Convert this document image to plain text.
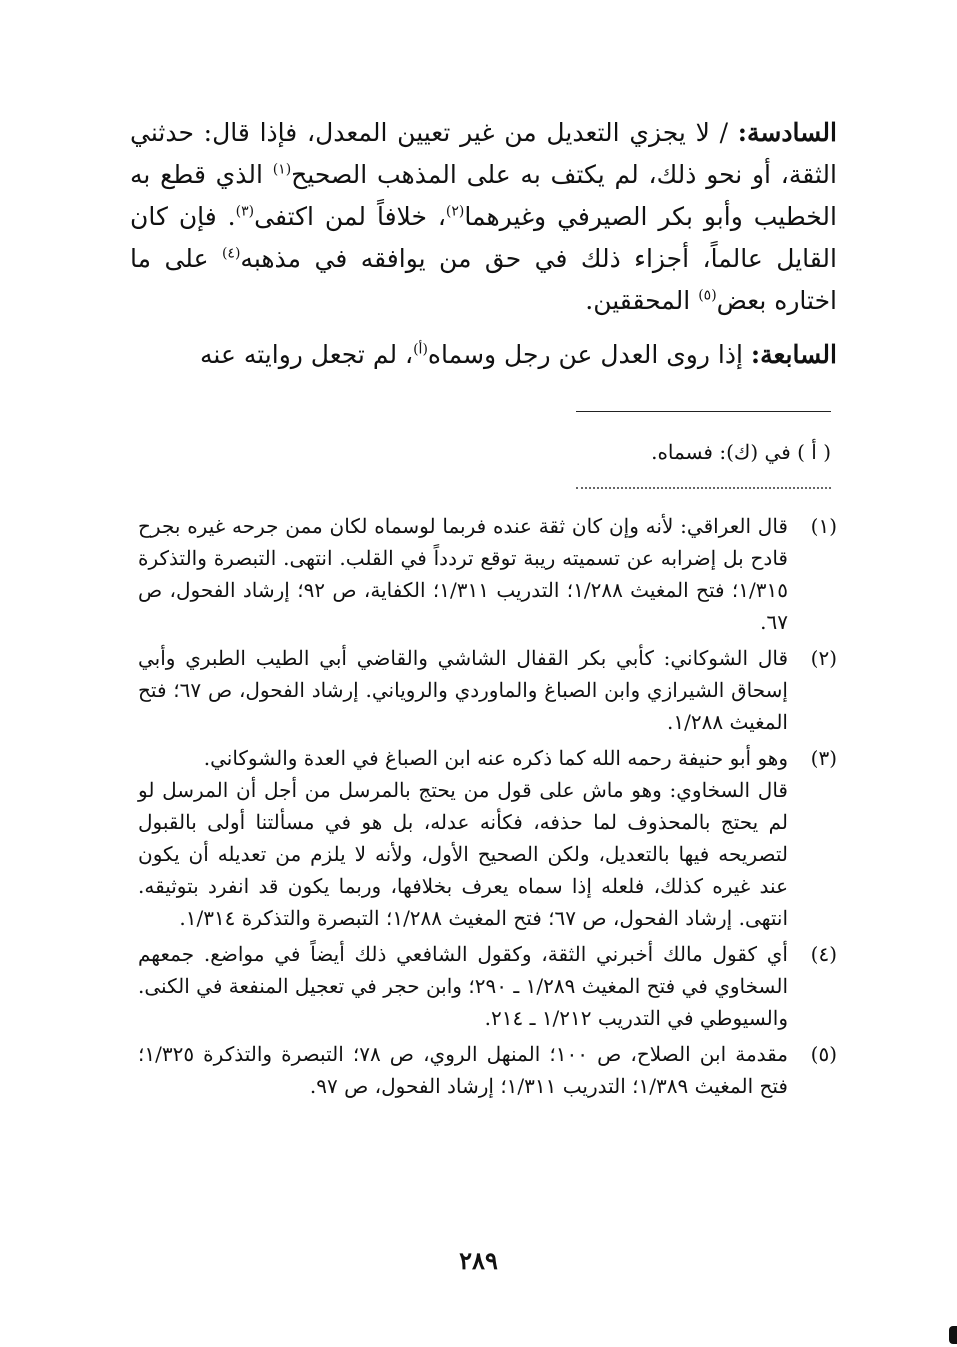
السادسة: / لا يجزي التعديل من غير تعيين المعدل، فإذا قال: حدثني الثقة، أو نحو ذلك، لم يكتف به على المذهب الصحيح$^{(١)}$ الذي قطع به الخطيب وأبو بكر الصيرفي وغيرهما$^{(٢)}$، خلافاً لمن اكتفى$^{(٣)}$. فإن كان القايل عالماً، أجزاء ذلك في حق من يوافقه في مذهبه$^{(٤)}$ على ما اختاره بعض$^{(٥)}$ المحققين.

السابعة: إذا روى العدل عن رجل وسماه$^{(أ)}$، لم تجعل روايته عنه

( أ ) في (ك): فسماه.
(١)

قال العراقي: لأنه وإن كان ثقة عنده فربما لوسماه لكان ممن جرحه غيره بجرح قادح بل إضرابه عن تسميته ريبة توقع تردداً في القلب. انتهى. التبصرة والتذكرة ١/٣١٥؛ فتح المغيث ١/٢٨٨؛ التدريب ١/٣١١؛ الكفاية، ص ٩٢؛ إرشاد الفحول، ص ٦٧.

(٢)

قال الشوكاني: كأبي بكر القفال الشاشي والقاضي أبي الطيب الطبري وأبي إسحاق الشيرازي وابن الصباغ والماوردي والروياني. إرشاد الفحول، ص ٦٧؛ فتح المغيث ١/٢٨٨.

(٣)

وهو أبو حنيفة رحمه الله كما ذكره عنه ابن الصباغ في العدة والشوكاني.

قال السخاوي: وهو ماش على قول من يحتج بالمرسل من أجل أن المرسل لو لم يحتج بالمحذوف لما حذفه، فكأنه عدله، بل هو في مسألتنا أولى بالقبول لتصريحه فيها بالتعديل، ولكن الصحيح الأول، ولأنه لا يلزم من تعديله أن يكون عند غيره كذلك، فلعله إذا سماه يعرف بخلافها، وربما يكون قد انفرد بتوثيقه. انتهى. إرشاد الفحول، ص ٦٧؛ فتح المغيث ١/٢٨٨؛ التبصرة والتذكرة ١/٣١٤.

(٤)

أي كقول مالك أخبرني الثقة، وكقول الشافعي ذلك أيضاً في مواضع. جمعهم السخاوي في فتح المغيث ١/٢٨٩ ـ ٢٩٠؛ وابن حجر في تعجيل المنفعة في الكنى. والسيوطي في التدريب ١/٢١٢ ـ ٢١٤.

(٥)

مقدمة ابن الصلاح، ص ١٠٠؛ المنهل الروي، ص ٧٨؛ التبصرة والتذكرة ١/٣٢٥؛ فتح المغيث ١/٣٨٩؛ التدريب ١/٣١١؛ إرشاد الفحول، ص ٩٧.

٢٨٩
